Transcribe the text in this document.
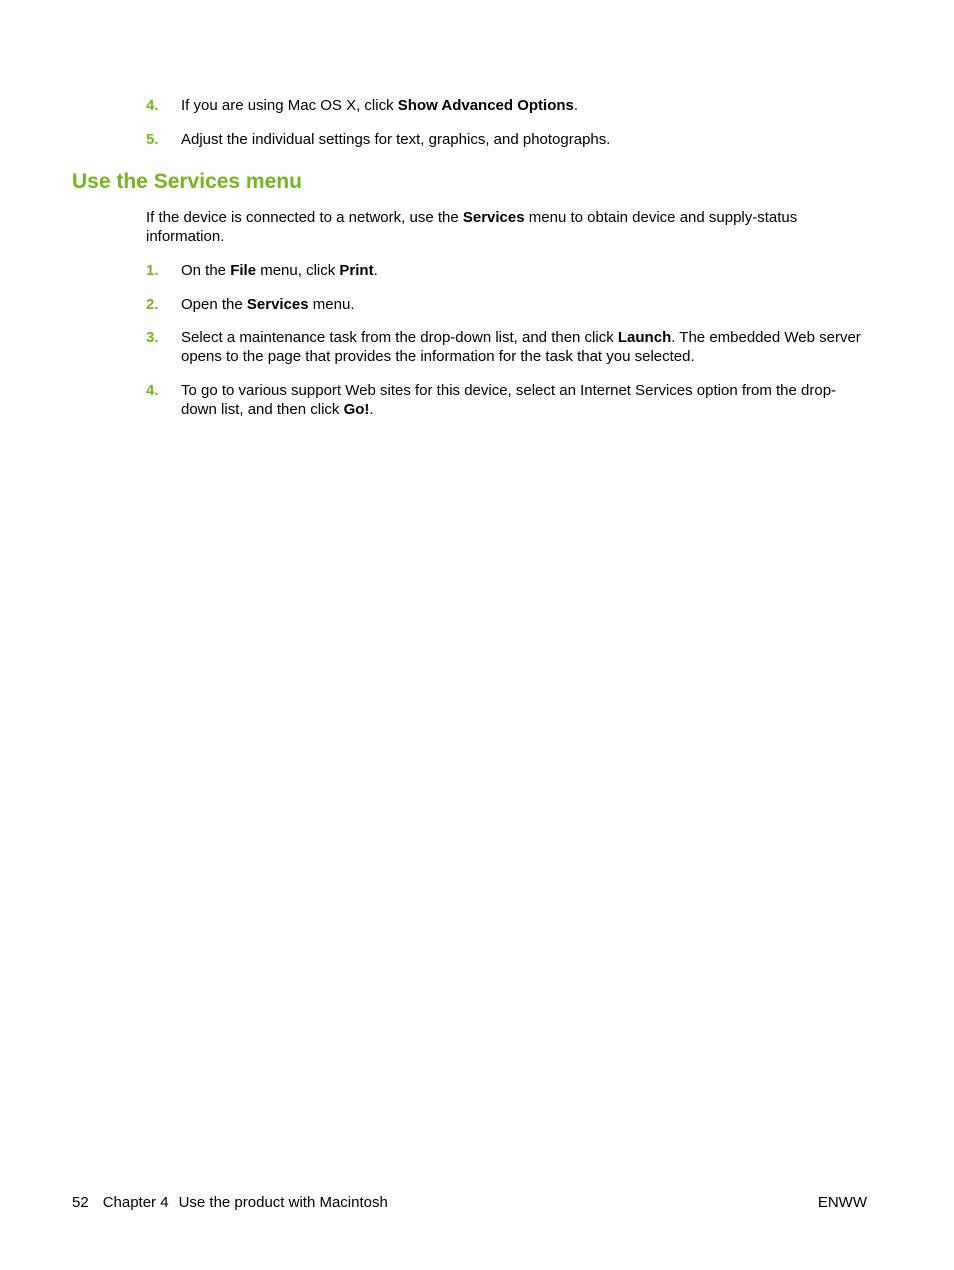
4. If you are using Mac OS X, click Show Advanced Options.
5. Adjust the individual settings for text, graphics, and photographs.
Use the Services menu

If the device is connected to a network, use the Services menu to obtain device and supply-status information.

1. On the File menu, click Print.
2. Open the Services menu.
3. Select a maintenance task from the drop-down list, and then click Launch. The embedded Web server opens to the page that provides the information for the task that you selected.
4. To go to various support Web sites for this device, select an Internet Services option from the drop-down list, and then click Go!.
52 Chapter 4 Use the product with Macintosh	ENWW
